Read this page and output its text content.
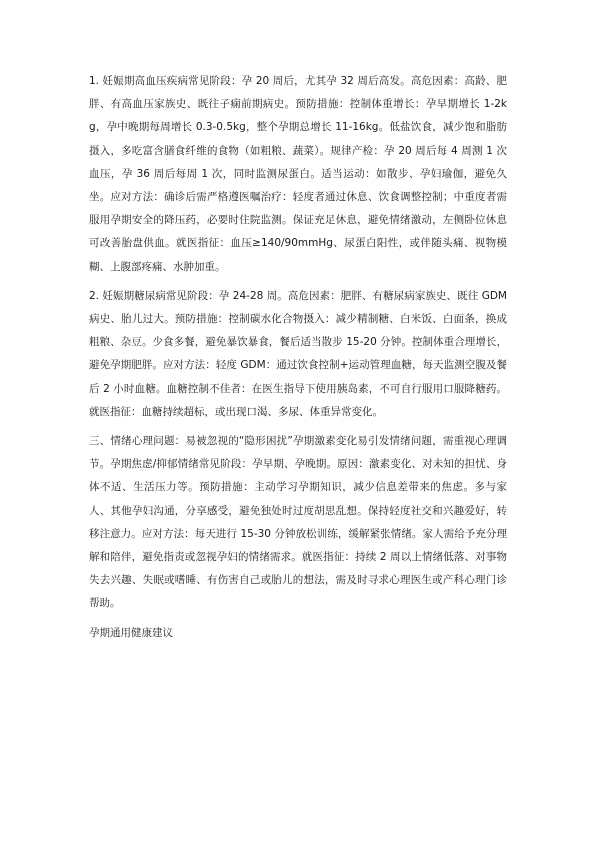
1. 妊娠期高血压疾病常见阶段：孕 20 周后，尤其孕 32 周后高发。高危因素：高龄、肥胖、有高血压家族史、既往子痫前期病史。预防措施：控制体重增长：孕早期增长 1-2kg，孕中晚期每周增长 0.3-0.5kg，整个孕期总增长 11-16kg。低盐饮食，减少饱和脂肪摄入，多吃富含膳食纤维的食物（如粗粮、蔬菜）。规律产检：孕 20 周后每 4 周测 1 次血压，孕 36 周后每周 1 次，同时监测尿蛋白。适当运动：如散步、孕妇瑜伽，避免久坐。应对方法：确诊后需严格遵医嘱治疗：轻度者通过休息、饮食调整控制；中重度者需服用孕期安全的降压药，必要时住院监测。保证充足休息，避免情绪激动，左侧卧位休息可改善胎盘供血。就医指征：血压≥140/90mmHg、尿蛋白阳性，或伴随头痛、视物模糊、上腹部疼痛、水肿加重。

2. 妊娠期糖尿病常见阶段：孕 24-28 周。高危因素：肥胖、有糖尿病家族史、既往 GDM 病史、胎儿过大。预防措施：控制碳水化合物摄入：减少精制糖、白米饭、白面条，换成粗粮、杂豆。少食多餐，避免暴饮暴食，餐后适当散步 15-20 分钟。控制体重合理增长，避免孕期肥胖。应对方法：轻度 GDM：通过饮食控制+运动管理血糖，每天监测空腹及餐后 2 小时血糖。血糖控制不佳者：在医生指导下使用胰岛素，不可自行服用口服降糖药。就医指征：血糖持续超标，或出现口渴、多尿、体重异常变化。

三、情绪心理问题：易被忽视的“隐形困扰”孕期激素变化易引发情绪问题，需重视心理调节。孕期焦虑/抑郁情绪常见阶段：孕早期、孕晚期。原因：激素变化、对未知的担忧、身体不适、生活压力等。预防措施：主动学习孕期知识，减少信息差带来的焦虑。多与家人、其他孕妇沟通，分享感受，避免独处时过度胡思乱想。保持轻度社交和兴趣爱好，转移注意力。应对方法：每天进行 15-30 分钟放松训练，缓解紧张情绪。家人需给予充分理解和陪伴，避免指责或忽视孕妇的情绪需求。就医指征：持续 2 周以上情绪低落、对事物失去兴趣、失眠或嗜睡、有伤害自己或胎儿的想法，需及时寻求心理医生或产科心理门诊帮助。

孕期通用健康建议
